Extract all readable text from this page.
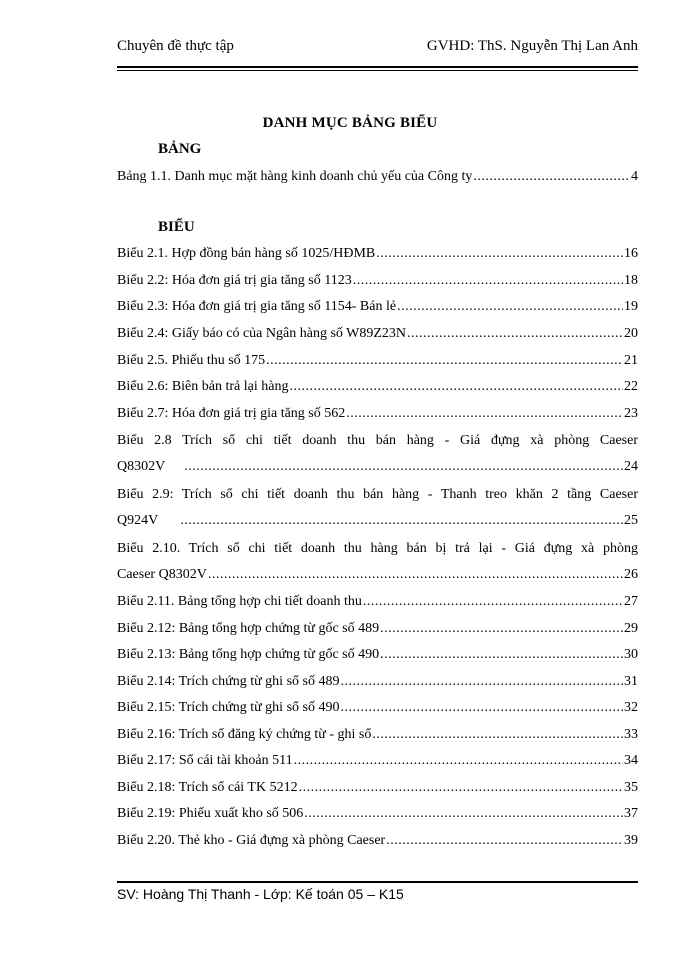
Chuyên đề thực tập	GVHD: ThS. Nguyễn Thị Lan Anh
DANH MỤC BẢNG BIỂU
BẢNG
Bảng 1.1. Danh mục mặt hàng kinh doanh chủ yếu của Công ty .....	4
BIỂU
Biểu 2.1. Hợp đồng bán hàng số 1025/HĐMB .....	16
Biểu 2.2: Hóa đơn giá trị gia tăng số 1123 .....	18
Biểu 2.3: Hóa đơn giá trị gia tăng số 1154- Bán lẻ .....	19
Biểu 2.4: Giấy báo có của Ngân hàng số W89Z23N .....	20
Biểu 2.5. Phiếu thu số 175 .....	21
Biểu 2.6: Biên bản trả lại hàng .....	22
Biểu 2.7: Hóa đơn giá trị gia tăng số 562 .....	23
Biểu 2.8 Trích sổ chi tiết doanh thu bán hàng - Giá đựng xà phòng Caeser
Q8302V .....	24
Biểu 2.9: Trích sổ chi tiết doanh thu bán hàng - Thanh treo khăn 2 tầng Caeser
Q924V .....	25
Biểu 2.10. Trích sổ chi tiết doanh thu hàng bán bị trả lại - Giá đựng xà phòng
Caeser Q8302V .....	26
Biểu 2.11. Bảng tổng hợp chi tiết doanh thu .....	27
Biểu 2.12: Bảng tổng hợp chứng từ gốc số 489 .....	29
Biểu 2.13: Bảng tổng hợp chứng từ gốc số 490 .....	30
Biểu 2.14: Trích chứng từ ghi sổ số 489 .....	31
Biểu 2.15: Trích chứng từ ghi sổ số 490 .....	32
Biểu 2.16: Trích sổ đăng ký chứng từ - ghi sổ .....	33
Biểu 2.17: Sổ cái tài khoản 511 .....	34
Biểu 2.18: Trích sổ cái TK 5212 .....	35
Biểu 2.19: Phiếu xuất kho số 506 .....	37
Biểu 2.20. Thẻ kho - Giá đựng xà phòng Caeser .....	39
SV: Hoàng Thị Thanh - Lớp: Kế toán 05 – K15
